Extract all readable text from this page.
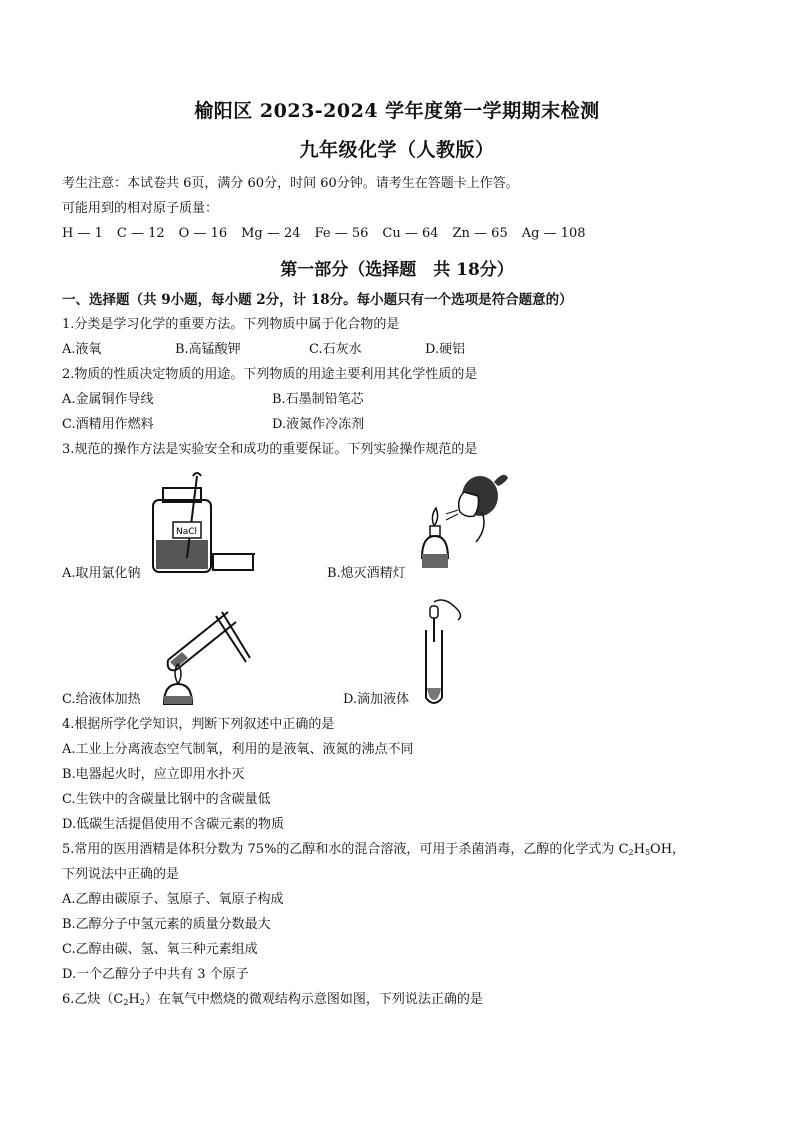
榆阳区 2023-2024 学年度第一学期期末检测
九年级化学（人教版）
考生注意：本试卷共 6页，满分 60分，时间 60分钟。请考生在答题卡上作答。
可能用到的相对原子质量：
H — 1 C — 12 O — 16 Mg — 24 Fe — 56 Cu — 64 Zn — 65 Ag — 108
第一部分（选择题　共 18分）
一、选择题（共 9小题，每小题 2分，计 18分。每小题只有一个选项是符合题意的）
1.分类是学习化学的重要方法。下列物质中属于化合物的是
A.液氧	B.高锰酸钾	C.石灰水	D.硬铝
2.物质的性质决定物质的用途。下列物质的用途主要利用其化学性质的是
A.金属铜作导线	B.石墨制铅笔芯
C.酒精用作燃料	D.液氮作冷冻剂
3.规范的操作方法是实验安全和成功的重要保证。下列实验操作规范的是
NaCl
A.取用氯化钠	B.熄灭酒精灯
C.给液体加热	D.滴加液体
4.根据所学化学知识，判断下列叙述中正确的是
A.工业上分离液态空气制氧，利用的是液氧、液氮的沸点不同
B.电器起火时，应立即用水扑灭
C.生铁中的含碳量比钢中的含碳量低
D.低碳生活提倡使用不含碳元素的物质
5.常用的医用酒精是体积分数为 75%的乙醇和水的混合溶液，可用于杀菌消毒，乙醇的化学式为 $C_2H_5OH$，
下列说法中正确的是
A.乙醇由碳原子、氢原子、氧原子构成
B.乙醇分子中氢元素的质量分数最大
C.乙醇由碳、氢、氧三种元素组成
D.一个乙醇分子中共有 3 个原子
6.乙炔$(C_2H_2)$在氧气中燃烧的微观结构示意图如图，下列说法正确的是
